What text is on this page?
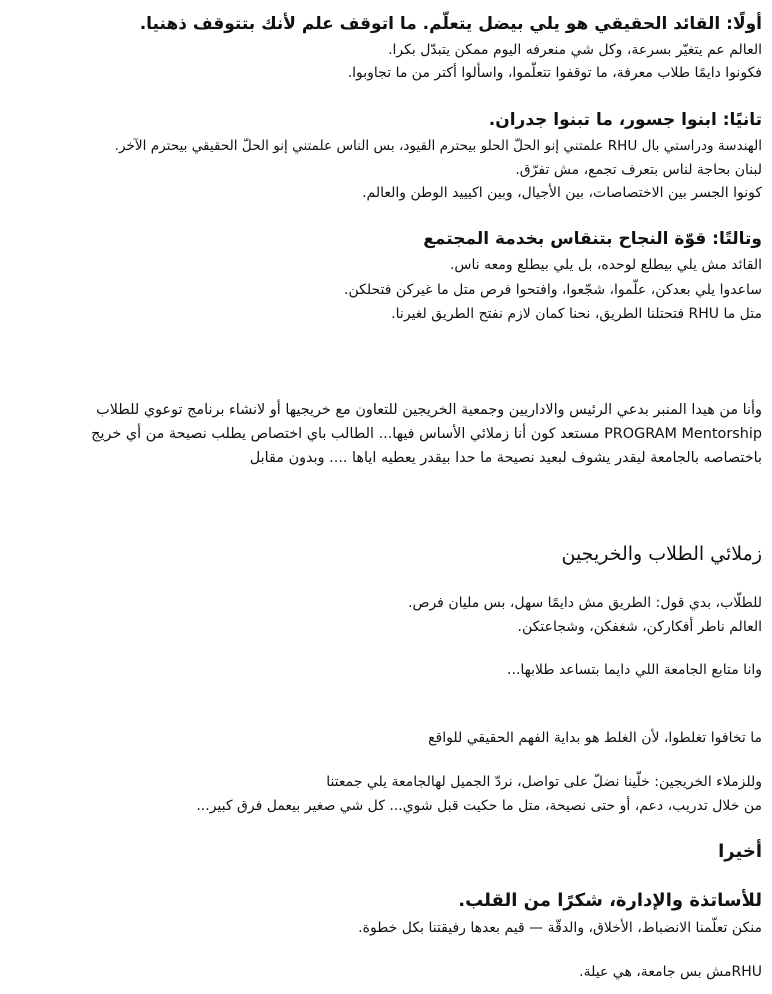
أولًا: القائد الحقيقي هو يلي بيضل يتعلّم. ما اتوقف علم لأنك بتتوقف ذهنيا.

العالم عم يتغيّر بسرعة، وكل شي منعرفه اليوم ممكن يتبدّل بكرا.

فكونوا دايمًا طلاب معرفة، ما توقفوا تتعلّموا، واسألوا أكتر من ما تجاوبوا.

تانيًا: ابنوا جسور، ما تبنوا جدران.

الهندسة ودراستي بال RHU علمتني إنو الحلّ الحلو بيحترم القيود، بس الناس علمتني إنو الحلّ الحقيقي بيحترم الآخر.

لبنان بحاجة لناس بتعرف تجمع، مش تفرّق.

كونوا الجسر بين الاختصاصات، بين الأجيال، وبين اكيييد الوطن والعالم.

وتالتًا: قوّة النجاح بتنقاس بخدمة المجتمع

القائد مش يلي بيطلع لوحده، بل يلي بيطلع ومعه ناس.

ساعدوا يلي بعدكن، علّموا، شجّعوا، وافتحوا فرص متل ما غيركن فتحلكن.

متل ما RHU فتحتلنا الطريق، نحنا كمان لازم نفتح الطريق لغيرنا.

وأنا من هيدا المنبر بدعي الرئيس والاداريين وجمعية الخريجين للتعاون مع خريجيها أو لانشاء برنامج توعوي للطلاب

PROGRAM Mentorship مستعد كون أنا زملائي الأساس فيها... الطالب باي اختصاص يطلب نصيحة من أي خريج

باختصاصه بالجامعة ليقدر يشوف لبعيد نصيحة ما حدا بيقدر يعطيه اياها .... وبدون مقابل

زملائي الطلاب والخريجين

للطلّاب، بدي قول: الطريق مش دايمًا سهل، بس مليان فرص.

العالم ناطر أفكاركن، شغفكن، وشجاعتكن.

وانا متابع الجامعة اللي دايما بتساعد طلابها...

ما تخافوا تغلطوا، لأن الغلط هو بداية الفهم الحقيقي للواقع

وللزملاء الخريجين: خلّينا نضلّ على تواصل، نردّ الجميل لهالجامعة يلي جمعتنا

من خلال تدريب، دعم، أو حتى نصيحة، متل ما حكيت قبل شوي... كل شي صغير بيعمل فرق كبير...

أخيرا

للأساتذة والإدارة، شكرًا من القلب.

منكن تعلّمنا الانضباط، الأخلاق، والدقّة — قيم بعدها رفيقتنا بكل خطوة.

RHUمش بس جامعة، هي عيلة.
